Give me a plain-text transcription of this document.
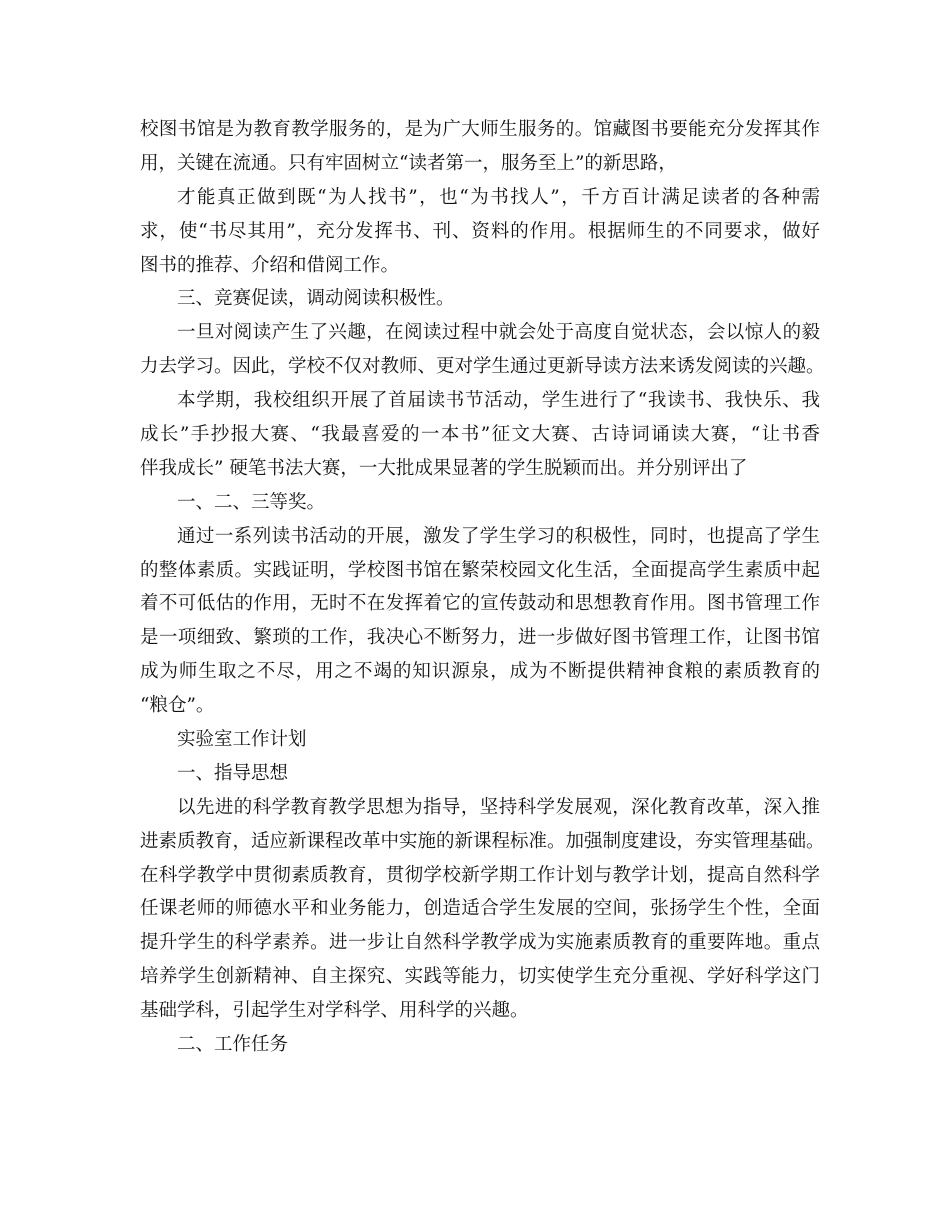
校图书馆是为教育教学服务的，是为广大师生服务的。馆藏图书要能充分发挥其作
用，关键在流通。只有牢固树立“读者第一，服务至上”的新思路，
才能真正做到既“为人找书”，也“为书找人”，千方百计满足读者的各种需
求，使“书尽其用”，充分发挥书、刊、资料的作用。根据师生的不同要求，做好
图书的推荐、介绍和借阅工作。
三、竞赛促读，调动阅读积极性。
一旦对阅读产生了兴趣，在阅读过程中就会处于高度自觉状态，会以惊人的毅
力去学习。因此，学校不仅对教师、更对学生通过更新导读方法来诱发阅读的兴趣。
本学期，我校组织开展了首届读书节活动，学生进行了“我读书、我快乐、我
成长”手抄报大赛、“我最喜爱的一本书”征文大赛、古诗词诵读大赛，“让书香
伴我成长” 硬笔书法大赛，一大批成果显著的学生脱颖而出。并分别评出了
一、二、三等奖。
通过一系列读书活动的开展，激发了学生学习的积极性，同时，也提高了学生
的整体素质。实践证明，学校图书馆在繁荣校园文化生活，全面提高学生素质中起
着不可低估的作用，无时不在发挥着它的宣传鼓动和思想教育作用。图书管理工作
是一项细致、繁琐的工作，我决心不断努力，进一步做好图书管理工作，让图书馆
成为师生取之不尽，用之不竭的知识源泉，成为不断提供精神食粮的素质教育的
“粮仓”。
实验室工作计划
一、指导思想
以先进的科学教育教学思想为指导，坚持科学发展观，深化教育改革，深入推
进素质教育，适应新课程改革中实施的新课程标准。加强制度建设，夯实管理基础。
在科学教学中贯彻素质教育，贯彻学校新学期工作计划与教学计划，提高自然科学
任课老师的师德水平和业务能力，创造适合学生发展的空间，张扬学生个性，全面
提升学生的科学素养。进一步让自然科学教学成为实施素质教育的重要阵地。重点
培养学生创新精神、自主探究、实践等能力，切实使学生充分重视、学好科学这门
基础学科，引起学生对学科学、用科学的兴趣。
二、工作任务
